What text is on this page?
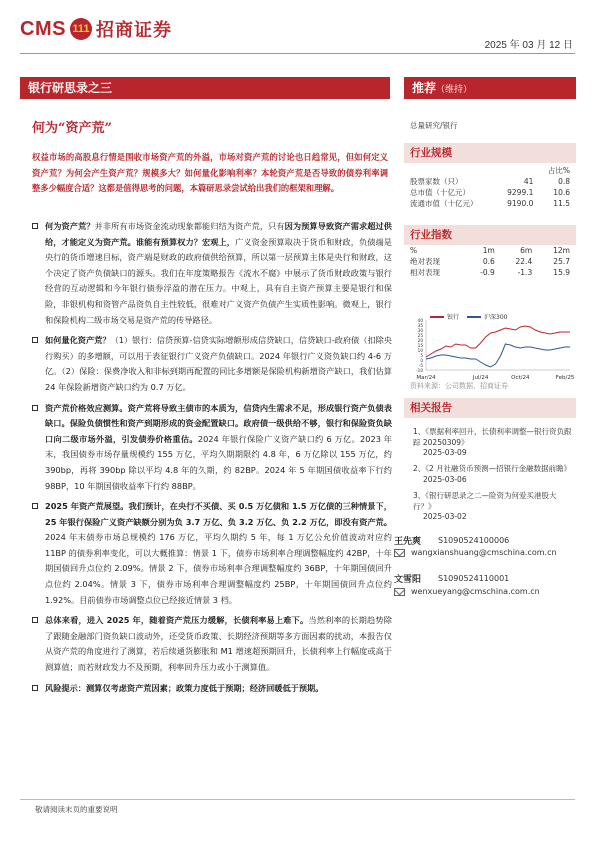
CMS 111 招商证券
2025 年 03 月 12 日
银行研思录之三	推荐（维持）
何为“资产荒”
权益市场的高股息行情是围收市场资产荒的外溢，市场对资产荒的讨论也日趋常见，但如何定义资产荒？为何会产生资产荒？规模多大？如何量化影响利率？本轮资产荒是否导致的债券利率调整多少幅度合适？这都是值得思考的问题，本篇研思录尝试给出我们的框架和理解。
何为资产荒？并非所有市场资金流动现象都能归结为资产荒，只有因为预算导致资产需求超过供给，才能定义为资产荒。谁能有预算权力？宏观上，广义资金预算取决于货币和财政，负债端是央行的货币增速目标，资产端是财政的政府债供给预算，所以第一层预算主体是央行和财政，这个决定了资产负债缺口的源头。我们在年度策略报告《流水不腐》中展示了货币财政政策与银行经营的互动逻辑和今年银行债券浮盈的潜在压力。中观上，具有自主资产预算主要是银行和保险，非银机构和资管产品资负自主性较低，很难对广义资产负债产生实质性影响。微观上，银行和保险机构二级市场交易是资产荒的传导路径。
如何量化资产荒？（1）银行：信贷预算-信贷实际增额形成信贷缺口，信贷缺口-政府债（扣除央行购买）的多增额，可以用于表征银行广义资产负债缺口。2024 年银行广义资负缺口约 4-6 万亿。（2）保险：保费净收入和非标到期再配置的同比多增额是保险机构新增资产缺口，我们估算 24 年保险新增资产缺口约为 0.7 万亿。
资产荒价格效应测算。资产荒将导致主债市的本质为，信贷内生需求不足，形成银行资产负债表缺口。保险负债惯性和资产到期形成的资金配置缺口。政府债一级供给不够，银行和保险资负缺口向二级市场外溢，引发债券价格重估。2024 年银行保险广义资产缺口约 6 万亿。2023 年末，我国债券市场存量规模约 155 万亿，平均久期期限约 4.8 年，6 万亿除以 155 万亿，约 390bp，再将 390bp 除以平均 4.8 年的久期，约 82BP。2024 年 5 年期国债收益率下行约 98BP，10 年期国债收益率下行约 88BP。
2025 年资产荒展望。我们预计，在央行不买债、买 0.5 万亿债和 1.5 万亿债的三种情景下，25 年银行保险广义资产缺额分别为负 3.7 万亿、负 3.2 万亿、负 2.2 万亿，即没有资产荒。2024 年末债券市场总规模约 176 万亿，平均久期约 5 年，每 1 万亿公允价值波动对应约 11BP 的债券利率变化，可以大概推算：情景 1 下，债券市场利率合理调整幅度约 42BP，十年期国债回升点位约 2.09%。情景 2 下，债券市场利率合理调整幅度约 36BP，十年期国债回升点位约 2.04%。情景 3 下，债券市场利率合理调整幅度约 25BP，十年期国债回升点位约 1.92%。目前债券市场调整点位已经接近情景 3 档。
总体来看，进入 2025 年，随着资产荒压力缓解，长债利率易上难下。当然利率的长期趋势除了跟随金融部门资负缺口波动外，还受货币政策、长期经济预期等多方面因素的扰动，本报告仅从资产荒的角度进行了测算，若后续通货膨胀和 M1 增速超预期回升，长债利率上行幅度或高于测算值；而若财政发力不及预期，利率回升压力或小于测算值。
风险提示：测算仅考虑资产荒因素；政策力度低于预期；经济回暖低于预期。
总量研究/银行
行业规模
		占比%
股票家数（只）	41	0.8
总市值（十亿元）	9299.1	10.6
流通市值（十亿元）	9190.0	11.5
行业指数
%	1m	6m	12m
绝对表现	0.6	22.4	25.7
相对表现	-0.9	-1.3	15.9
银行	沪深300
40
35
30
25
20
15
10
5
0
-5
-10
Mar/24	Jul/24	Oct/24	Feb/25
资料来源：公司数据、招商证券
相关报告
1、《票据利率回升，长债利率调整—银行资负跟踪 20250309》
2025-03-09
2、《2 月社融货币预测—招银行金融数据前瞻》
2025-03-06
3、《银行研思录之二—险资为何爱买港股大行？》
2025-03-02
王先爽	S1090524100006
wangxianshuang@cmschina.com.cn
文雪阳	S1090524110001
wenxueyang@cmschina.com.cn
敬请阅读末页的重要说明
